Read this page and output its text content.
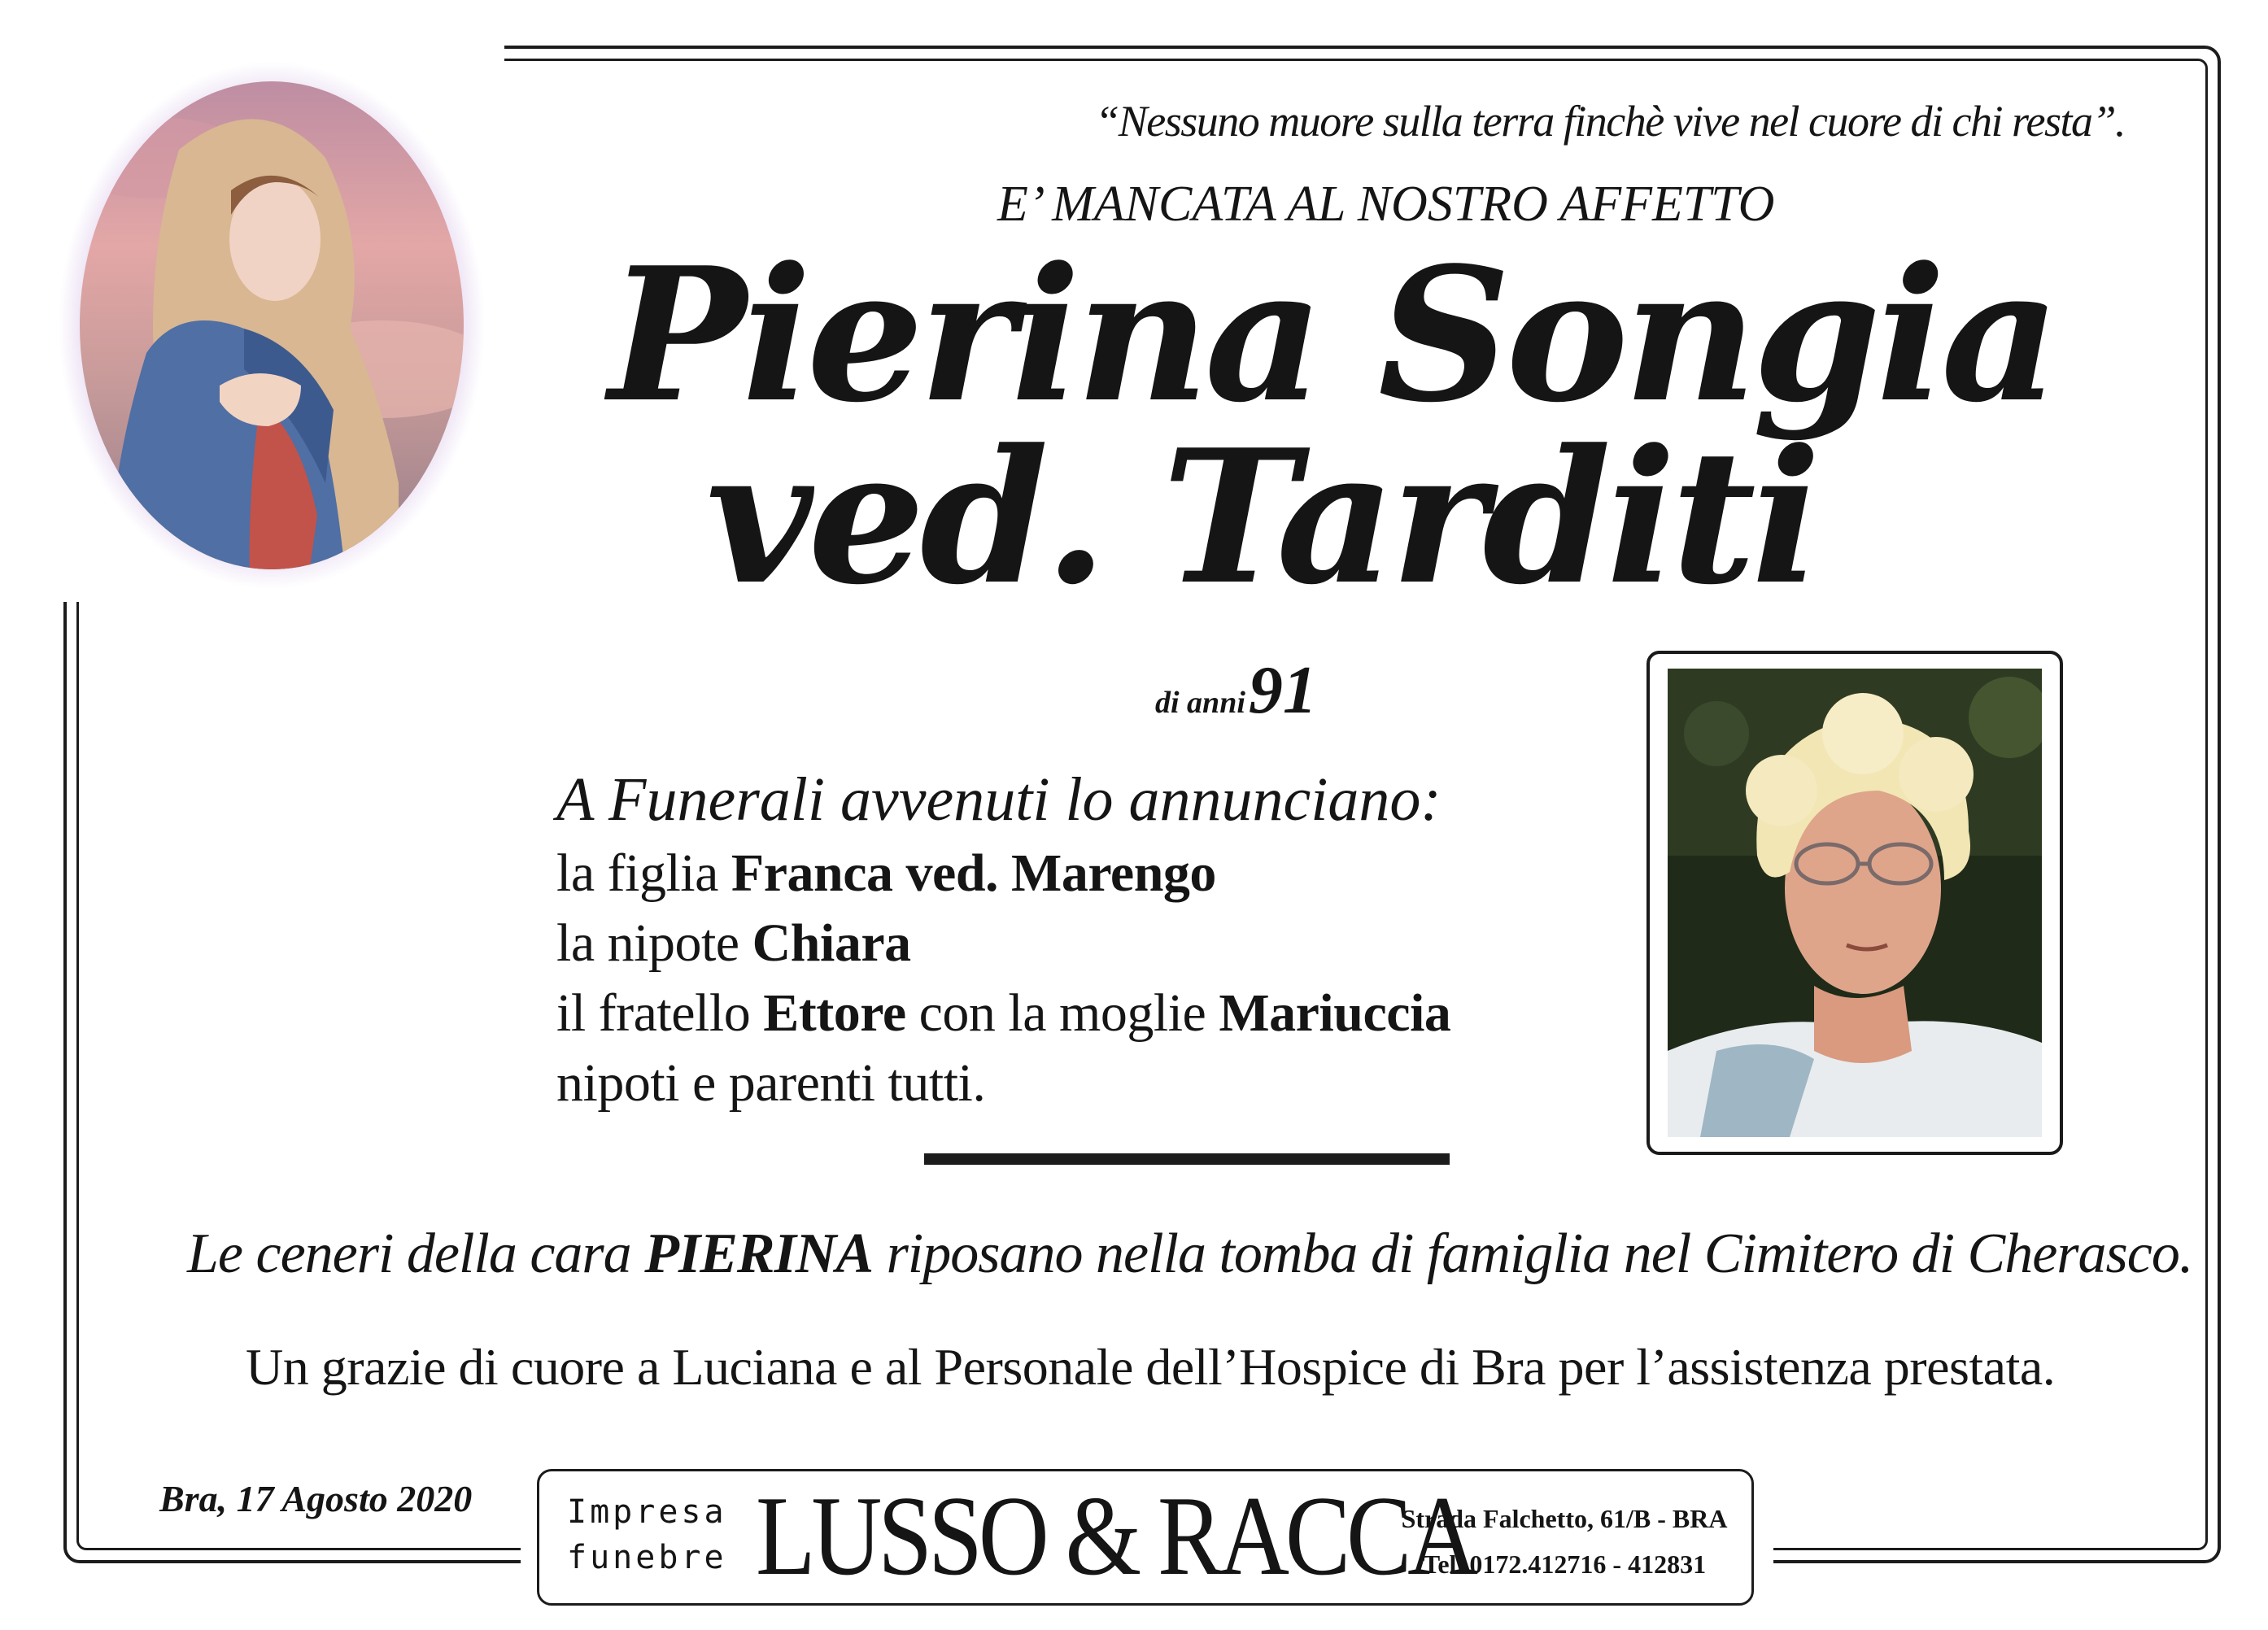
“Nessuno muore sulla terra finchè vive nel cuore di chi resta”.
E’ MANCATA AL NOSTRO AFFETTO
Pierina Songia
ved. Tarditi
di anni 91
A Funerali avvenuti lo annunciano:
la figlia Franca ved. Marengo
la nipote Chiara
il fratello Ettore con la moglie Mariuccia
nipoti e parenti tutti.
Le ceneri della cara PIERINA riposano nella tomba di famiglia nel Cimitero di Cherasco.
Un grazie di cuore a Luciana e al Personale dell’Hospice di Bra per l’assistenza prestata.
Bra, 17 Agosto 2020	Impresa
funebre LUSSO & RACCA
Strada Falchetto, 61/B - BRA
Tel. 0172.412716 - 412831
